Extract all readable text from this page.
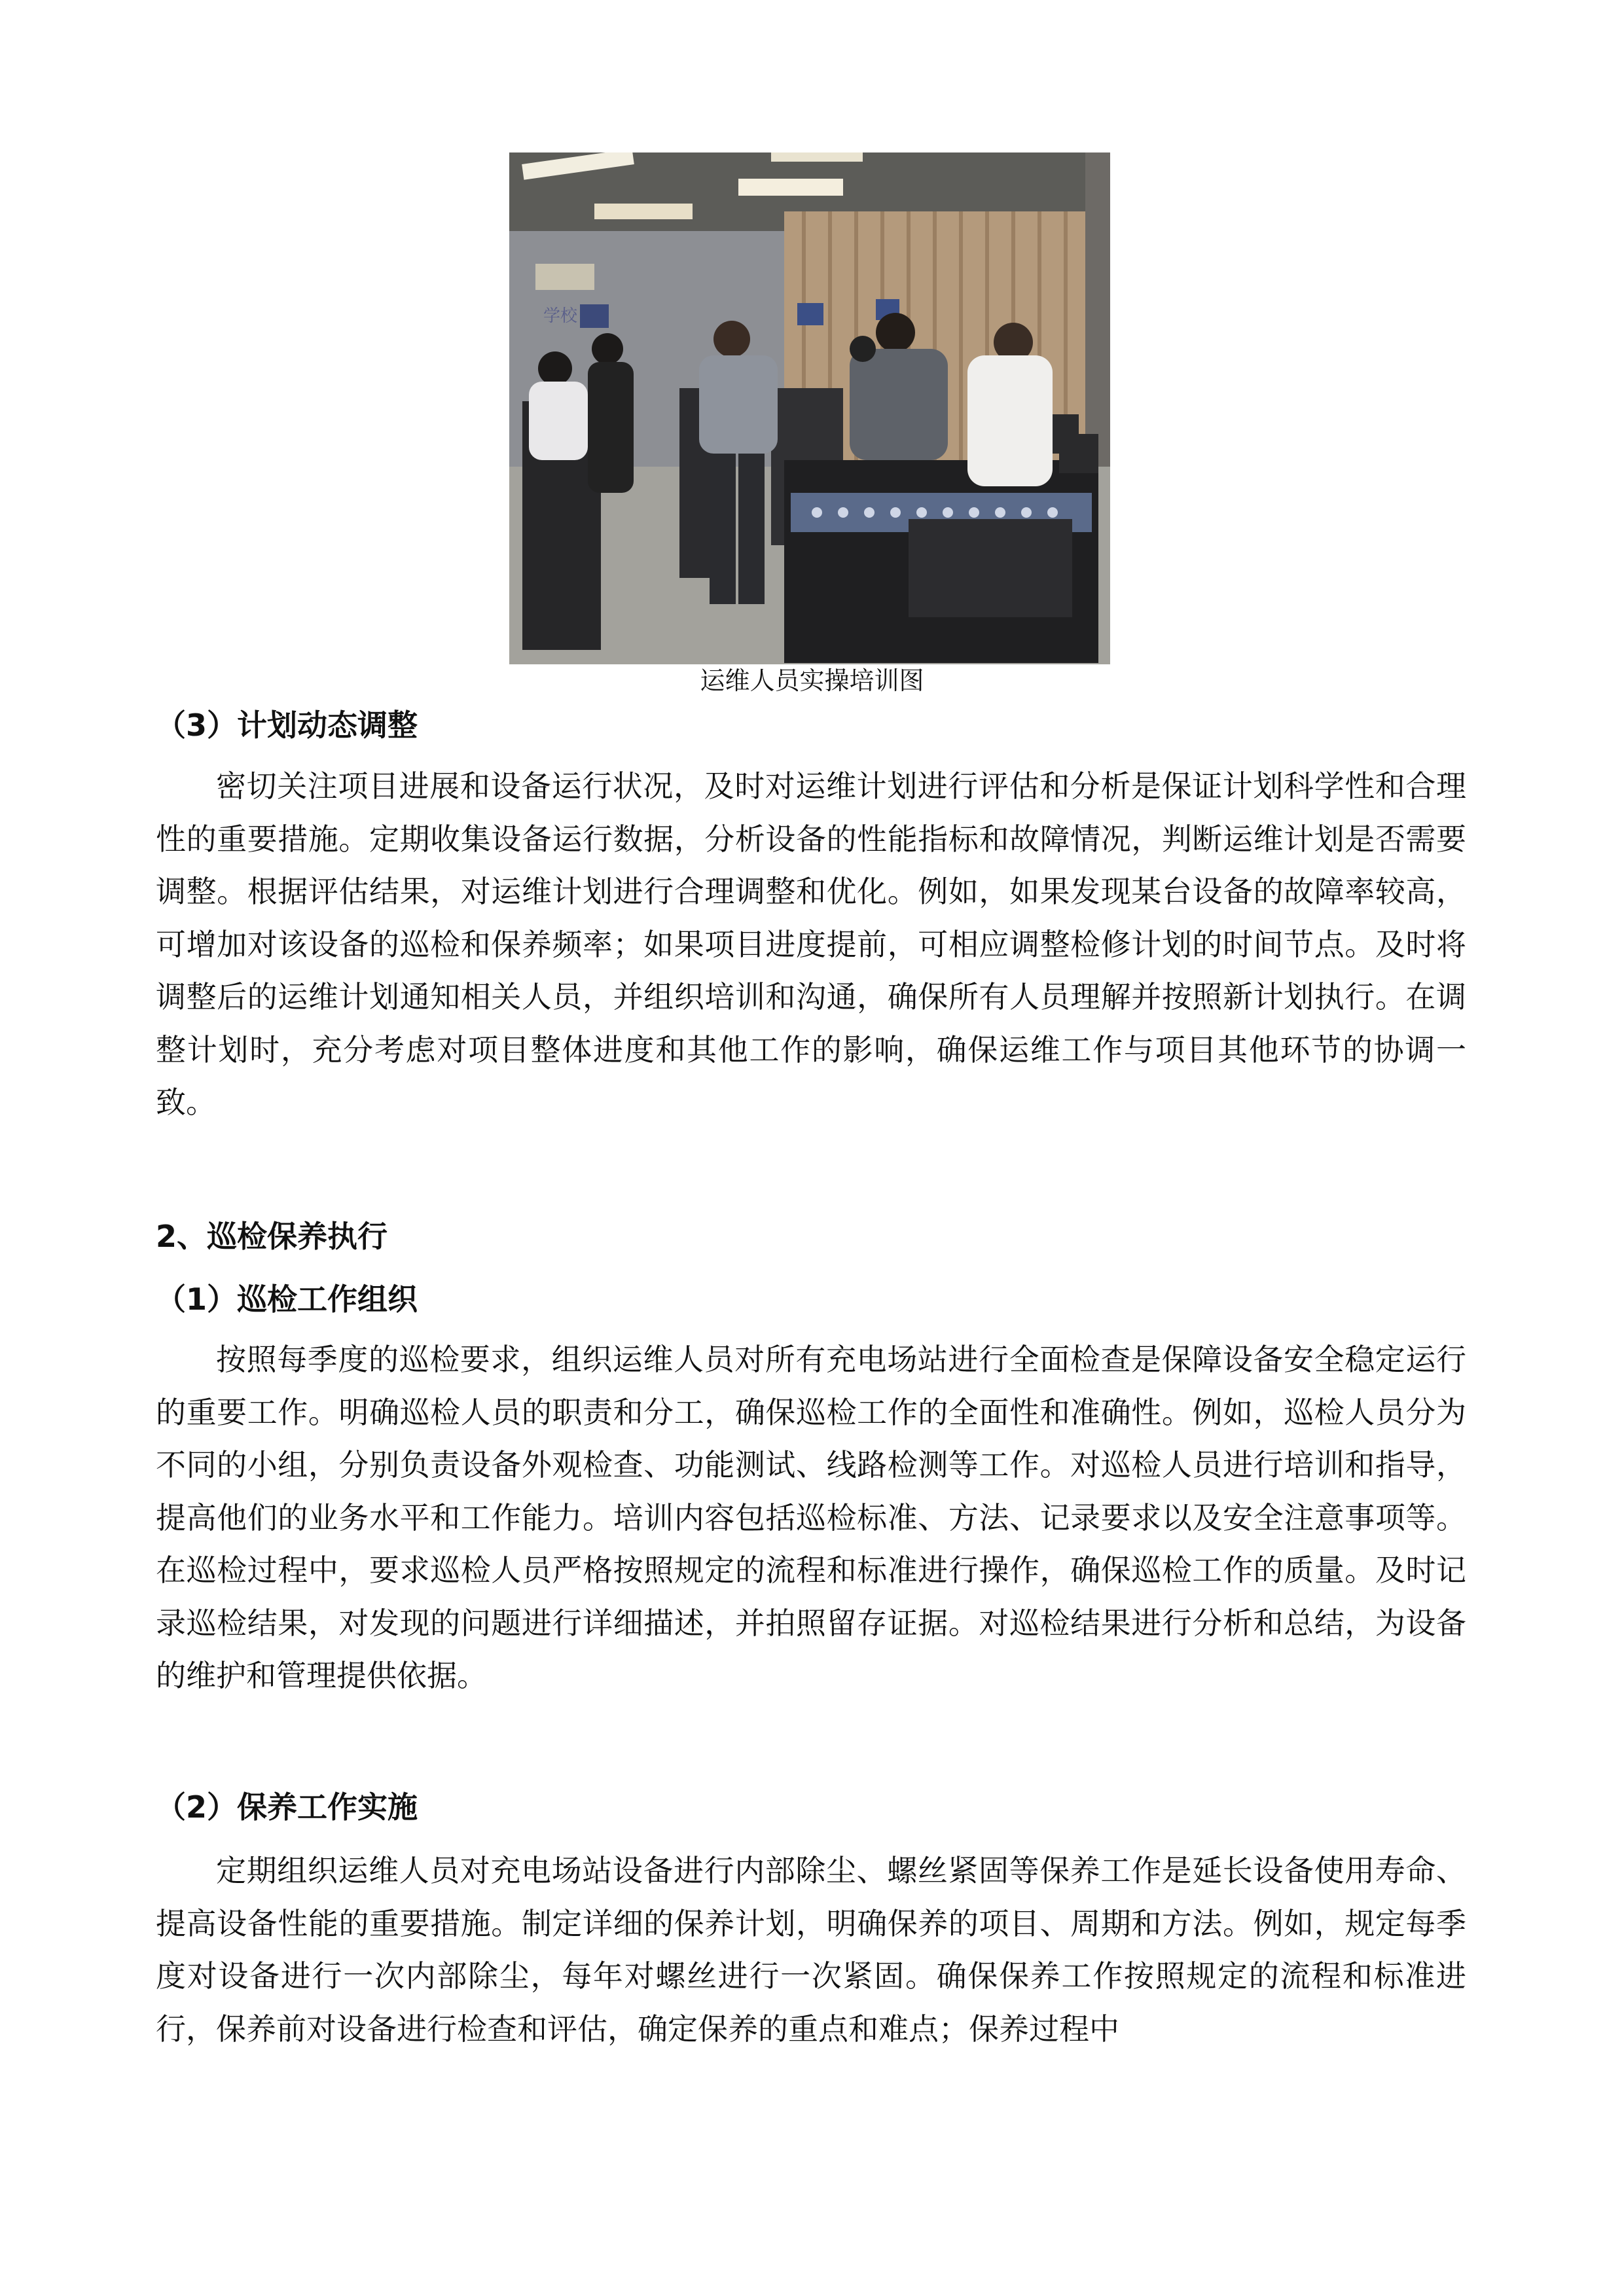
学校
运维人员实操培训图
（3）计划动态调整

密切关注项目进展和设备运行状况，及时对运维计划进行评估和分析是保证计划科学性和合理性的重要措施。定期收集设备运行数据，分析设备的性能指标和故障情况，判断运维计划是否需要调整。根据评估结果，对运维计划进行合理调整和优化。例如，如果发现某台设备的故障率较高，可增加对该设备的巡检和保养频率；如果项目进度提前，可相应调整检修计划的时间节点。及时将调整后的运维计划通知相关人员，并组织培训和沟通，确保所有人员理解并按照新计划执行。在调整计划时，充分考虑对项目整体进度和其他工作的影响，确保运维工作与项目其他环节的协调一致。

2、巡检保养执行
（1）巡检工作组织

按照每季度的巡检要求，组织运维人员对所有充电场站进行全面检查是保障设备安全稳定运行的重要工作。明确巡检人员的职责和分工，确保巡检工作的全面性和准确性。例如，巡检人员分为不同的小组，分别负责设备外观检查、功能测试、线路检测等工作。对巡检人员进行培训和指导，提高他们的业务水平和工作能力。培训内容包括巡检标准、方法、记录要求以及安全注意事项等。在巡检过程中，要求巡检人员严格按照规定的流程和标准进行操作，确保巡检工作的质量。及时记录巡检结果，对发现的问题进行详细描述，并拍照留存证据。对巡检结果进行分析和总结，为设备的维护和管理提供依据。

（2）保养工作实施

定期组织运维人员对充电场站设备进行内部除尘、螺丝紧固等保养工作是延长设备使用寿命、提高设备性能的重要措施。制定详细的保养计划，明确保养的项目、周期和方法。例如，规定每季度对设备进行一次内部除尘，每年对螺丝进行一次紧固。确保保养工作按照规定的流程和标准进行，保养前对设备进行检查和评估，确定保养的重点和难点；保养过程中
